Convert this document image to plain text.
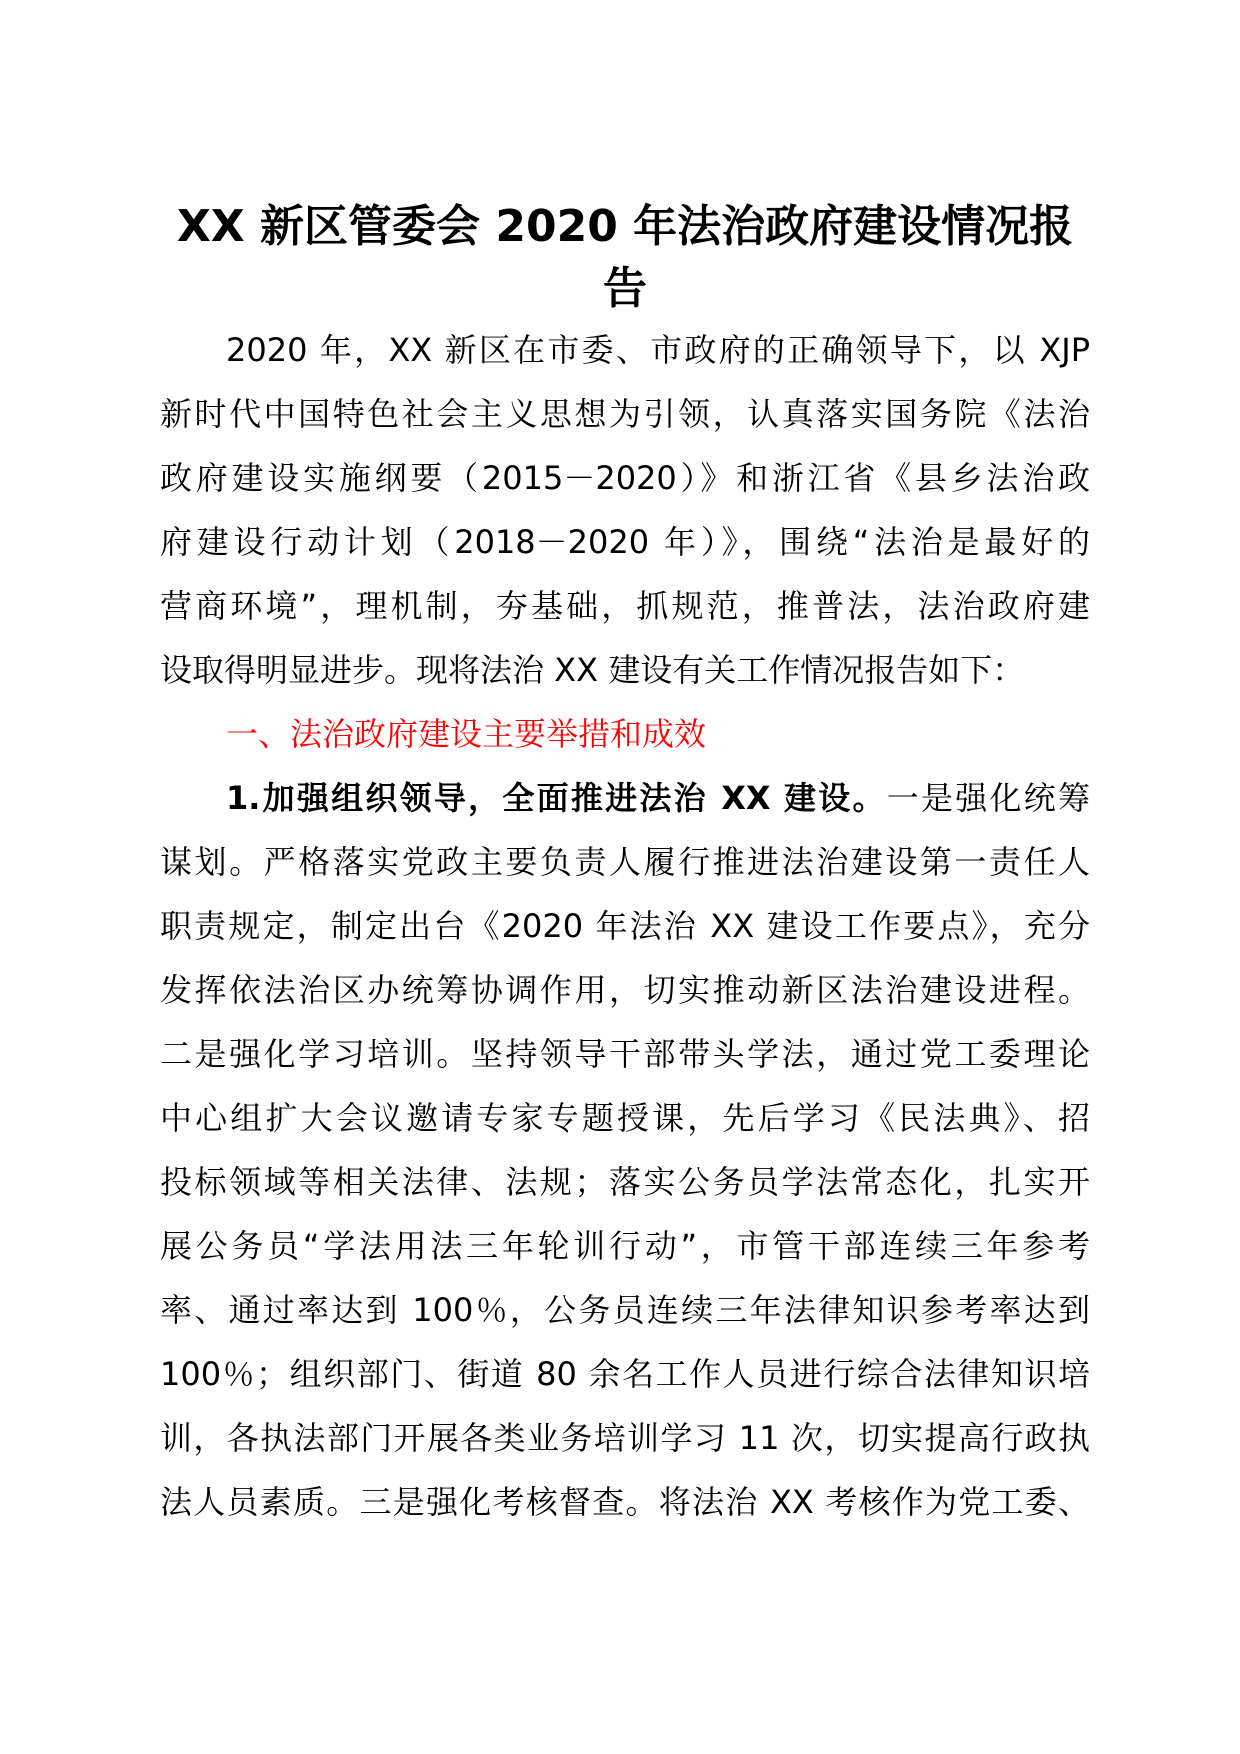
XX 新区管委会 2020 年法治政府建设情况报
告
2020 年，XX 新区在市委、市政府的正确领导下，以 XJP
新时代中国特色社会主义思想为引领，认真落实国务院《法治
政府建设实施纲要（2015－2020）》和浙江省《县乡法治政
府建设行动计划（2018－2020 年）》，围绕“法治是最好的
营商环境”，理机制，夯基础，抓规范，推普法，法治政府建
设取得明显进步。现将法治 XX 建设有关工作情况报告如下：
一、法治政府建设主要举措和成效
1.加强组织领导，全面推进法治 XX 建设。一是强化统筹
谋划。严格落实党政主要负责人履行推进法治建设第一责任人
职责规定，制定出台《2020 年法治 XX 建设工作要点》，充分
发挥依法治区办统筹协调作用，切实推动新区法治建设进程。
二是强化学习培训。坚持领导干部带头学法，通过党工委理论
中心组扩大会议邀请专家专题授课，先后学习《民法典》、招
投标领域等相关法律、法规；落实公务员学法常态化，扎实开
展公务员“学法用法三年轮训行动”，市管干部连续三年参考
率、通过率达到 100％，公务员连续三年法律知识参考率达到
100％；组织部门、街道 80 余名工作人员进行综合法律知识培
训，各执法部门开展各类业务培训学习 11 次，切实提高行政执
法人员素质。三是强化考核督查。将法治 XX 考核作为党工委、
